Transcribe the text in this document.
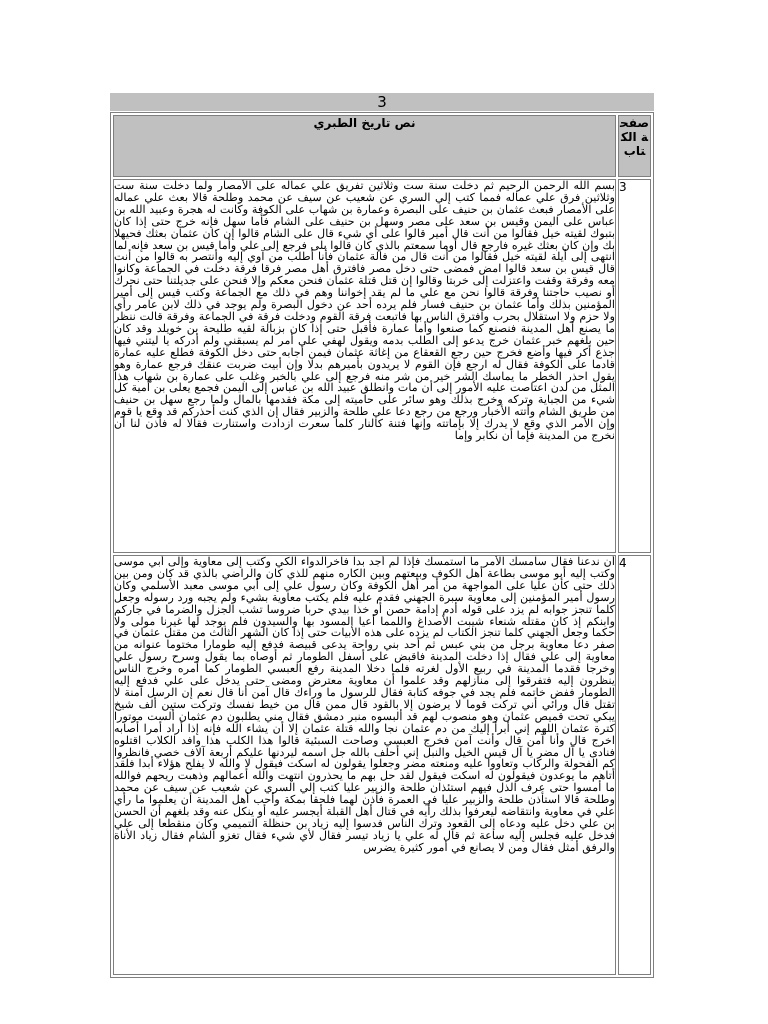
3
نص تاريخ الطبري	صفحة الكتاب
بسم الله الرحمن الرحيم ثم دخلت سنة ست وثلاثين تفريق علي عماله على الأمصار ولما دخلت سنة ست وثلاثين فرق علي عماله فمما كتب إلي السري عن شعيب عن سيف عن محمد وطلحة قالا بعث علي عماله على الأمصار فبعث عثمان بن حنيف على البصرة وعمارة بن شهاب على الكوفة وكانت له هجرة وعبيد الله بن عباس على اليمن وقيس بن سعد على مصر وسهل بن حنيف على الشام فأما سهل فإنه خرج حتى إذا كان بتبوك لقيته خيل فقالوا من أنت قال أمير قالوا على أي شيء قال على الشام قالوا إن كان عثمان بعثك فحيهلا بك وإن كان بعثك غيره فارجع قال أوما سمعتم بالذي كان قالوا بلى فرجع إلى علي وأما قيس بن سعد فإنه لما انتهى إلى أيلة لقيته خيل فقالوا من أنت قال من فالة عثمان فأنا أطلب من آوي إليه وأنتصر به قالوا من أنت قال قيس بن سعد قالوا امض فمضى حتى دخل مصر فافترق أهل مصر فرقا فرقة دخلت في الجماعة وكانوا معه وفرقة وقفت واعتزلت إلى خربتا وقالوا إن قتل قتلة عثمان فنحن معكم وإلا فنحن على جديلتنا حتى نحرك أو نصيب حاجتنا وفرقة قالوا نحن مع علي ما لم يقد إخواننا وهم في ذلك مع الجماعة وكتب قيس إلى أمير المؤمنين بذلك وأما عثمان بن حنيف فسار فلم يرده أحد عن دخول البصرة ولم يوجد في ذلك لابن عامر رأي ولا حزم ولا استقلال بحرب وافترق الناس بها فاتبعت فرقة القوم ودخلت فرقة في الجماعة وفرقة قالت ننظر ما يصنع أهل المدينة فنصنع كما صنعوا وأما عمارة فأقبل حتى إذا كان بزبالة لقيه طليحة بن خويلد وقد كان حين بلغهم خبر عثمان خرج يدعو إلى الطلب بدمه ويقول لهفي على أمر لم يسبقني ولم أدركه يا ليتني فيها جذع أكر فيها وأضع فخرج حين رجع القعقاع من إغاثة عثمان فيمن أجابه حتى دخل الكوفة فطلع عليه عمارة قادما على الكوفة فقال له ارجع فإن القوم لا يريدون بأميرهم بدلا وإن أبيت ضربت عنقك فرجع عمارة وهو يقول احذر الخطر ما يماسك الشر خير من شر منه فرجع إلى علي بالخبر وغلب على عمارة بن شهاب هذا المثل من لدن اعتاصت عليه الأمور إلى أن مات وانطلق عبيد الله بن عباس إلى اليمن فجمع يعلى بن أمية كل شيء من الجباية وتركه وخرج بذلك وهو سائر على حاميته إلى مكة فقدمها بالمال ولما رجع سهل بن حنيف من طريق الشام وأتته الأخبار ورجع من رجع دعا علي طلحة والزبير فقال إن الذي كنت أحذركم قد وقع يا قوم وإن الأمر الذي وقع لا يدرك إلا بإماتته وإنها فتنة كالنار كلما سعرت ازدادت واستنارت فقالا له فأذن لنا أن نخرج من المدينة فإما أن نكابر وإما	3
أن ندعنا فقال سأمسك الأمر ما استمسك فإذا لم أجد بدا فآخرالدواء الكي وكتب إلى معاوية وإلى أبي موسى وكتب إليه أبو موسى بطاعة أهل الكوف وبيعتهم وبين الكاره منهم للذي كان والراضي بالذي قد كان ومن بين ذلك حتى كأن عليا على المواجهة من أمر أهل الكوفة وكان رسول علي إلى أبي موسى معبد الأسلمي وكان رسول أمير المؤمنين إلى معاوية سبرة الجهني فقدم عليه فلم يكتب معاوية بشيء ولم يجبه ورد رسوله وجعل كلما تنجز جوابه لم يزد على قوله أدم إدامة حصن أو خذا بيدي حربا ضروسا تشب الجزل والضرما في جاركم وابنكم إذ كان مقتله شنعاء شيبت الأصداغ واللمما أعيا المسود بها والسيدون فلم يوجد لها غيرنا مولى ولا حكما وجعل الجهني كلما تنجز الكتاب لم يزده على هذه الأبيات حتى إذا كان الشهر الثالث من مقتل عثمان في صفر دعا معاوية برجل من بني عبس ثم أحد بني رواحة يدعى قبيصة فدفع إليه طومارا مختوما عنوانه من معاوية إلى علي فقال إذا دخلت المدينة فاقبض على أسفل الطومار ثم أوصاه بما يقول وسرح رسول علي وخرجا فقدما المدينة في ربيع الأول لغرته فلما دخلا المدينة رفع العبسي الطومار كما أمره وخرج الناس ينظرون إليه فتفرقوا إلى منازلهم وقد علموا أن معاوية معترض ومضى حتى يدخل على علي فدفع إليه الطومار ففض خاتمه فلم يجد في جوفه كتابة فقال للرسول ما وراءك قال آمن أنا قال نعم إن الرسل آمنة لا تقتل قال ورائي أني تركت قوما لا يرضون إلا بالقود قال ممن قال من خيط نفسك وتركت ستين ألف شيخ يبكي تحت قميص عثمان وهو منصوب لهم قد ألبسوه منبر دمشق فقال مني يطلبون دم عثمان ألست موتورا كترة عثمان اللهم إني أبرأ إليك من دم عثمان نجا والله قتلة عثمان إلا أن يشاء الله فإنه إذا أراد أمرا أصابه اخرج قال وأنا آمن قال وأنت آمن فخرج العبسي وصاحت السبئية قالوا هذا الكلب هذا وافد الكلاب اقتلوه فنادى يا آل مضر يا آل قيس الخيل والنبل إني أحلف بالله جل اسمه ليردنها عليكم أربعة آلاف خصي فانظروا كم الفحولة والركاب وتعاووا عليه ومنعته مضر وجعلوا يقولون له اسكت فيقول لا والله لا يفلح هؤلاء أبدا فلقد أتاهم ما يوعدون فيقولون له اسكت فيقول لقد حل بهم ما يحذرون انتهت والله أعمالهم وذهبت ريحهم فوالله ما أمسوا حتى عرف الذل فيهم استئذان طلحة والزبير عليا كتب إلي السري عن شعيب عن سيف عن محمد وطلحة قالا استأذن طلحة والزبير عليا في العمرة فأذن لهما فلحقا بمكة وأحب أهل المدينة أن يعلموا ما رأي علي في معاوية وانتقاضه ليعرفوا بذلك رأيه في قتال أهل القبلة أيجسر عليه أو ينكل عنه وقد بلغهم أن الحسن بن علي دخل عليه ودعاه إلى القعود وترك الناس فدسوا إليه زياد بن حنظلة التميمي وكان منقطعا إلى علي فدخل عليه فجلس إليه ساعة ثم قال له علي يا زياد تيسر فقال لأي شيء فقال تغزو الشام فقال زياد الأناة والرفق أمثل فقال ومن لا يصانع في أمور كثيرة يضرس	4
